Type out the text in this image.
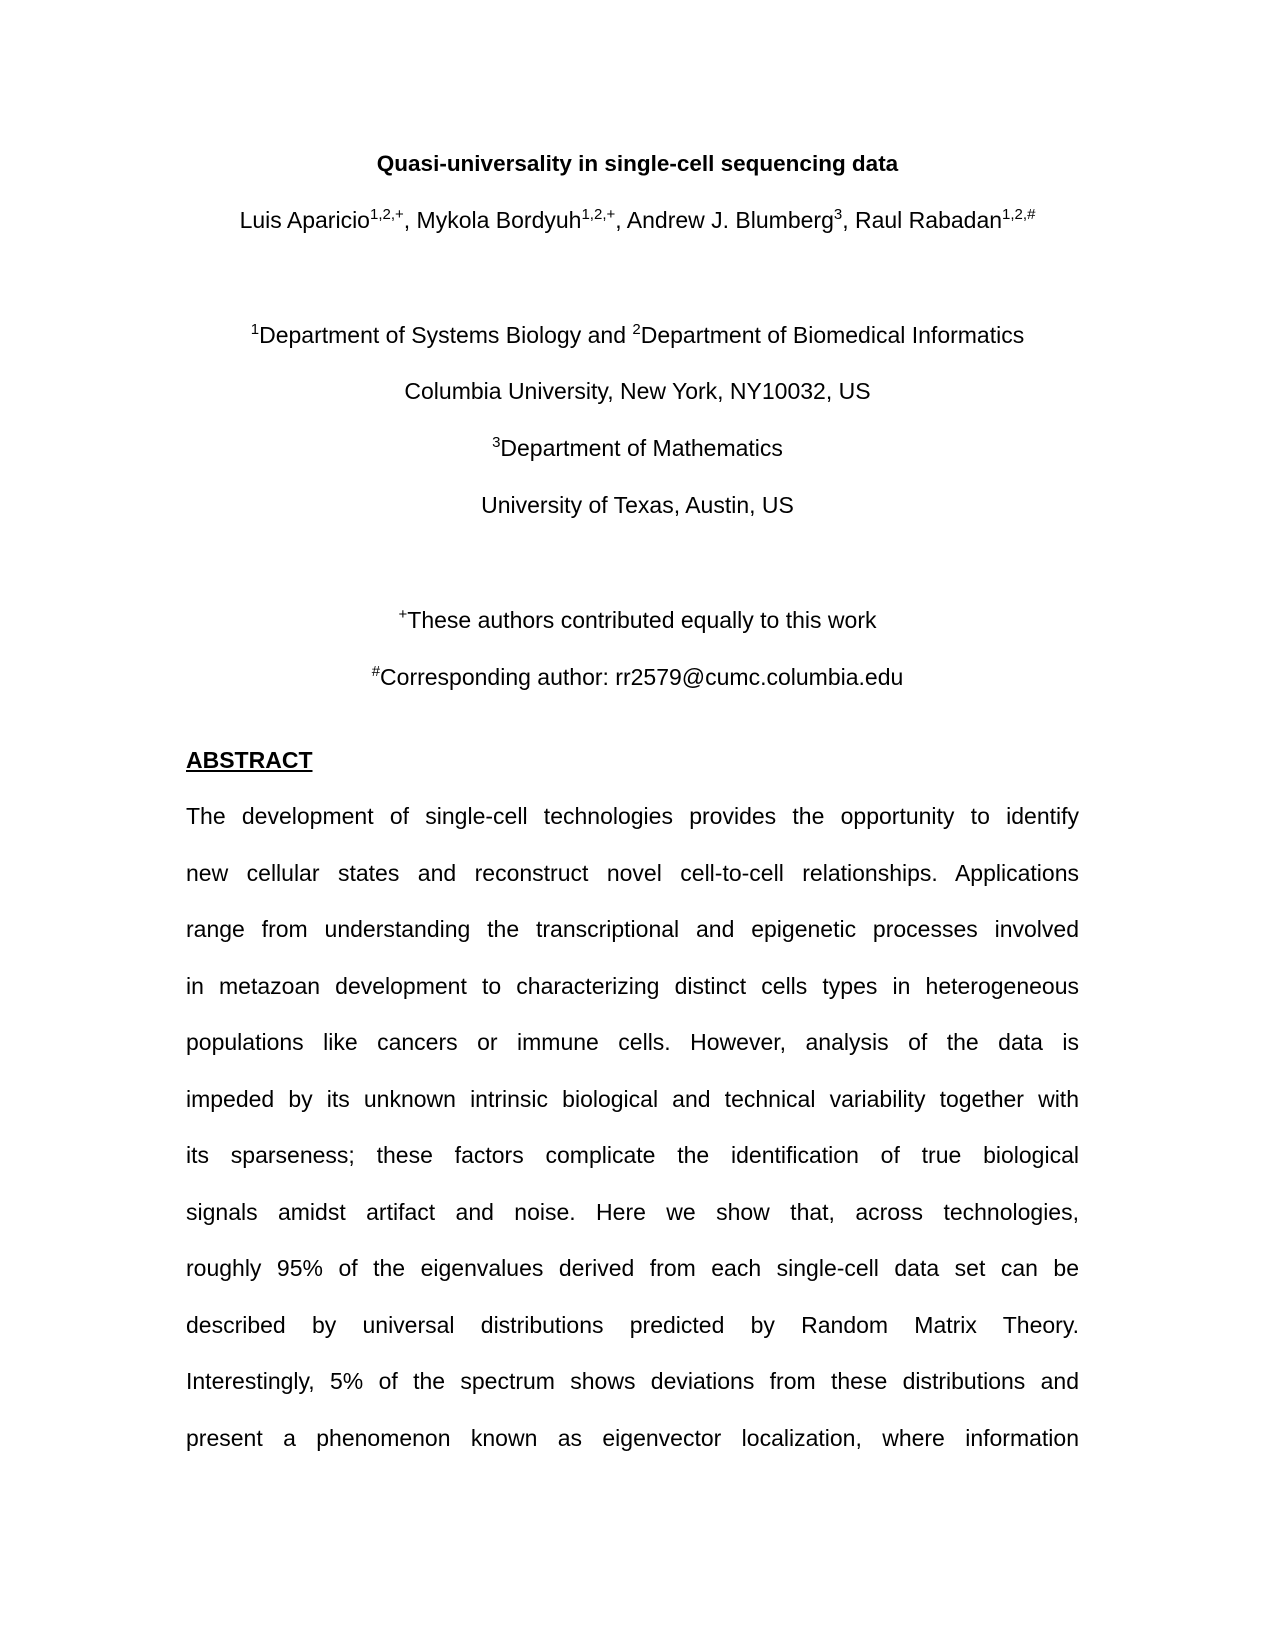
Quasi-universality in single-cell sequencing data
Luis Aparicio$^{1,2,+}$, Mykola Bordyuh$^{1,2,+}$, Andrew J. Blumberg$^3$, Raul Rabadan$^{1,2,\#}$
$^1$Department of Systems Biology and $^2$Department of Biomedical Informatics
Columbia University, New York, NY10032, US
$^3$Department of Mathematics
University of Texas, Austin, US
+These authors contributed equally to this work
#Corresponding author: rr2579@cumc.columbia.edu
ABSTRACT
The development of single-cell technologies provides the opportunity to identify
new cellular states and reconstruct novel cell-to-cell relationships. Applications
range from understanding the transcriptional and epigenetic processes involved
in metazoan development to characterizing distinct cells types in heterogeneous
populations like cancers or immune cells. However, analysis of the data is
impeded by its unknown intrinsic biological and technical variability together with
its sparseness; these factors complicate the identification of true biological
signals amidst artifact and noise. Here we show that, across technologies,
roughly 95% of the eigenvalues derived from each single-cell data set can be
described by universal distributions predicted by Random Matrix Theory.
Interestingly, 5% of the spectrum shows deviations from these distributions and
present a phenomenon known as eigenvector localization, where information
